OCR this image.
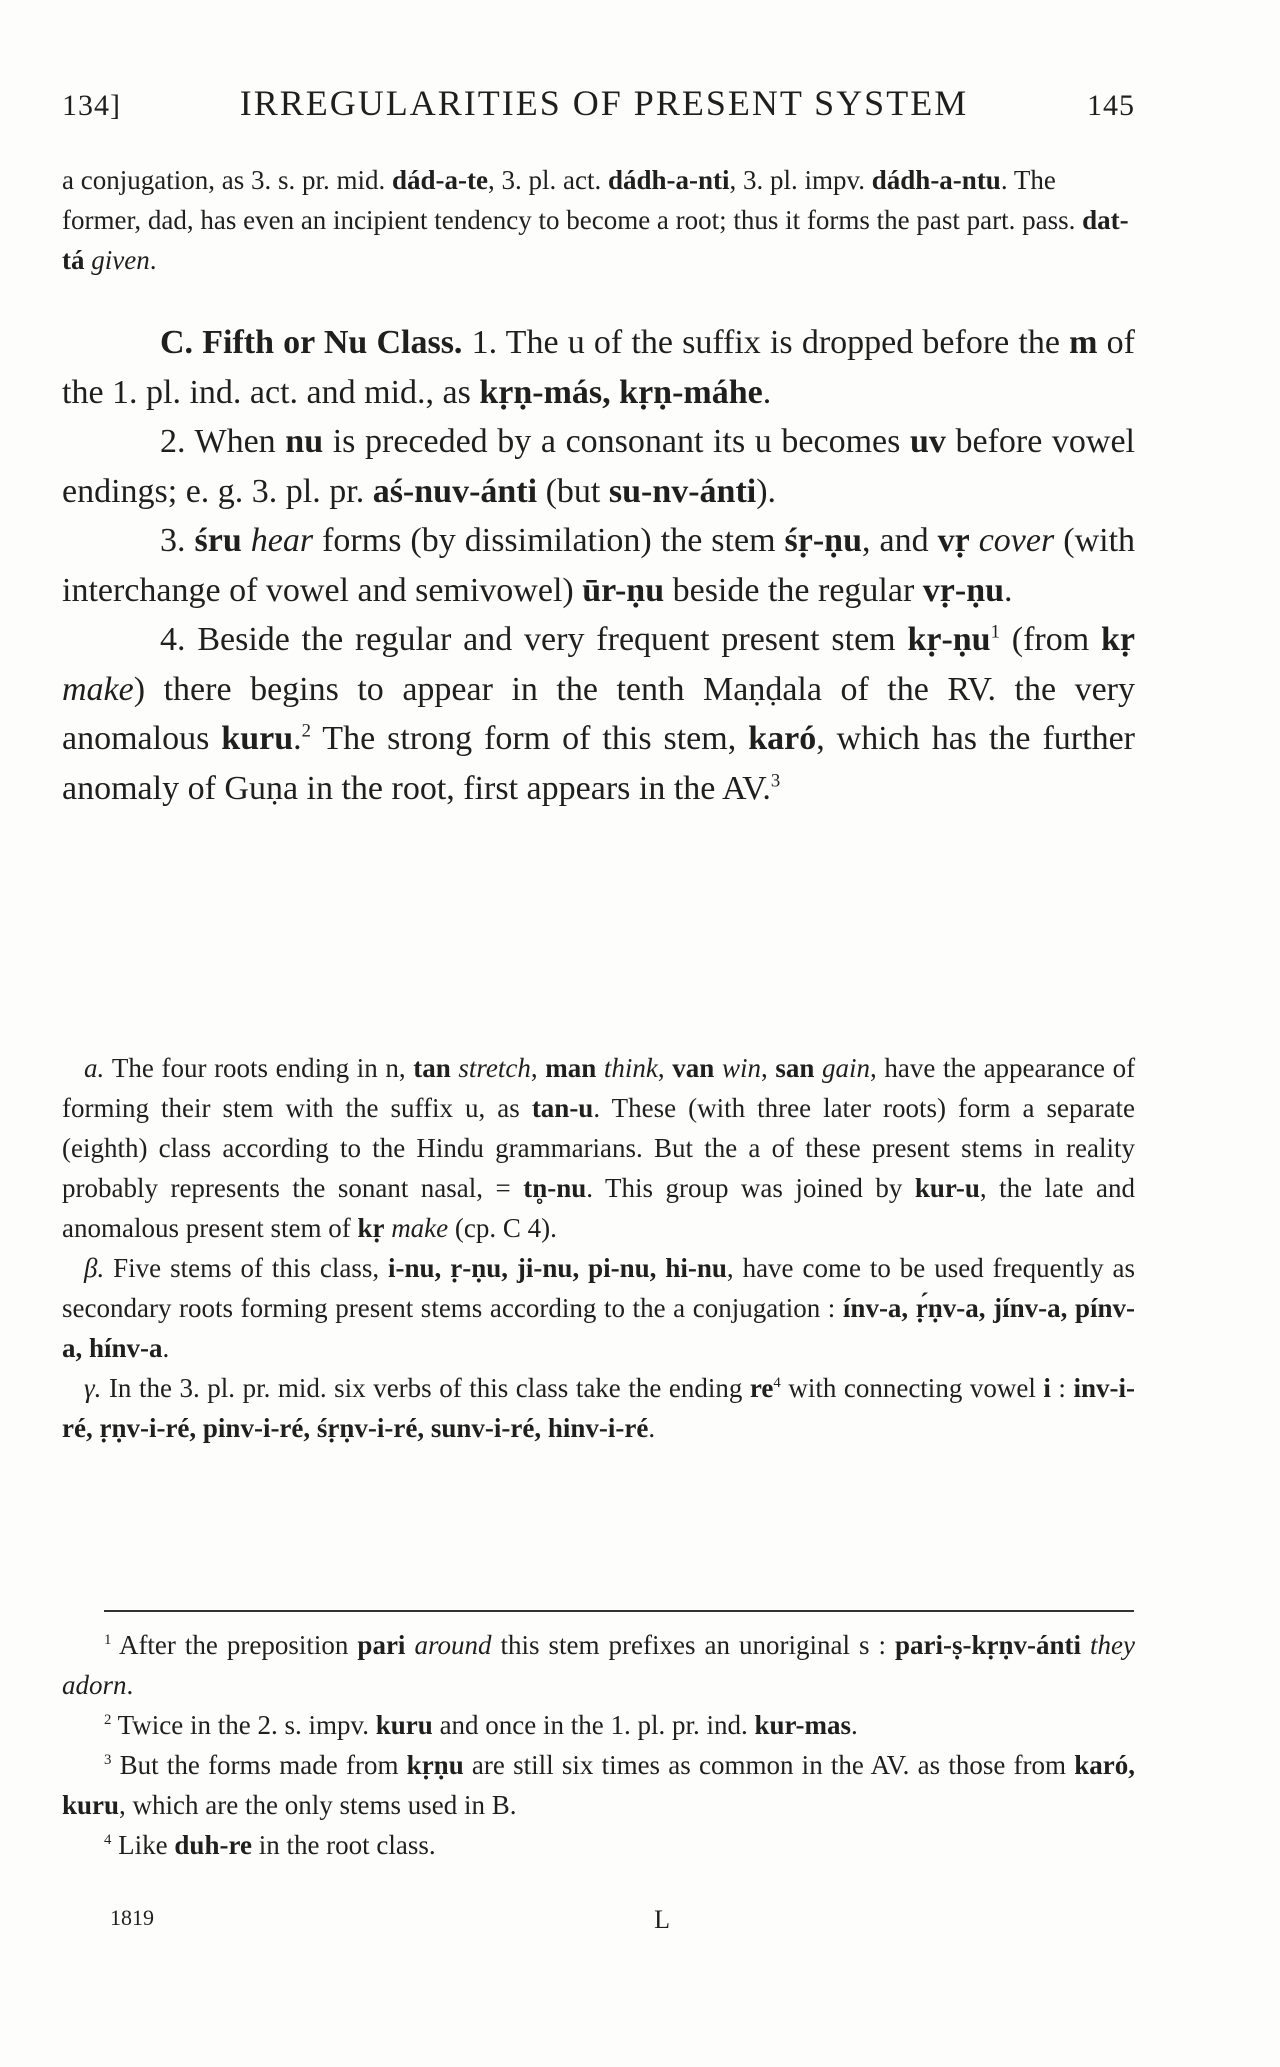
134]	IRREGULARITIES OF PRESENT SYSTEM	145
a conjugation, as 3. s. pr. mid. dád-a-te, 3. pl. act. dádh-a-nti, 3. pl. impv. dádh-a-ntu. The former, dad, has even an incipient tendency to become a root; thus it forms the past part. pass. dat-tá given.

C. Fifth or Nu Class. 1. The u of the suffix is dropped before the m of the 1. pl. ind. act. and mid., as kṛṇ-más, kṛṇ-máhe.

2. When nu is preceded by a consonant its u becomes uv before vowel endings; e. g. 3. pl. pr. aś-nuv-ánti (but su-nv-ánti).

3. śru hear forms (by dissimilation) the stem śṛ-ṇu, and vṛ cover (with interchange of vowel and semivowel) ūr-ṇu beside the regular vṛ-ṇu.

4. Beside the regular and very frequent present stem kṛ-ṇu$^1$ (from kṛ make) there begins to appear in the tenth Maṇḍala of the RV. the very anomalous kuru.$^2$ The strong form of this stem, karó, which has the further anomaly of Guṇa in the root, first appears in the AV.$^3$

a. The four roots ending in n, tan stretch, man think, van win, san gain, have the appearance of forming their stem with the suffix u, as tan-u. These (with three later roots) form a separate (eighth) class according to the Hindu grammarians. But the a of these present stems in reality probably represents the sonant nasal, = tn̥-nu. This group was joined by kur-u, the late and anomalous present stem of kṛ make (cp. C 4).

β. Five stems of this class, i-nu, ṛ-ṇu, ji-nu, pi-nu, hi-nu, have come to be used frequently as secondary roots forming present stems according to the a conjugation : ínv-a, ṛ́ṇv-a, jínv-a, pínv-a, hínv-a.

γ. In the 3. pl. pr. mid. six verbs of this class take the ending $re^4$ with connecting vowel i : inv-i-ré, ṛṇv-i-ré, pinv-i-ré, śṛṇv-i-ré, sunv-i-ré, hinv-i-ré.

$^1$ After the preposition pari around this stem prefixes an unoriginal s : pari-ṣ-kṛṇv-ánti they adorn.

$^2$ Twice in the 2. s. impv. kuru and once in the 1. pl. pr. ind. kur-mas.

$^3$ But the forms made from kṛṇu are still six times as common in the AV. as those from karó, kuru, which are the only stems used in B.

$^4$ Like duh-re in the root class.

1819	L
